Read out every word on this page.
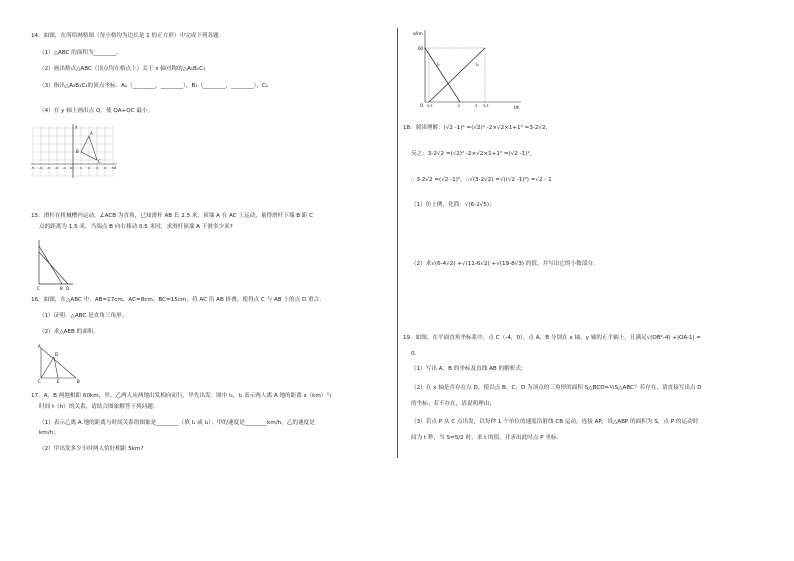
14．如图，在所给网格图（每小格均为边长是 1 的正方形）中完成下列各题：
（1）△ABC 的面积为________。
（2）画出格点△ABC（顶点均在格点上）关于 x 轴对称的△A₁B₁C₁
（3）指出△A₁B₁C₁的顶点坐标．A₁（________，________），B₁（________，________），C₁
（4）在 y 轴上画出点 Q，使 QA+QC 最小。
y
x
A
B
C
-5 -4 -3 -2 -1 O	1 2 3 4 5
15．滑杆在机械槽内运动，∠ACB 为直角，已知滑杆 AB 长 2.5 米，顶端 A 在 AC 上运动，量得滑杆下端 B 距 C
点的距离为 1.5 米，当端点 B 向右移动 0.5 米时，求滑杆顶端 A 下滑多少米?
C	B D
16．如图，在△ABC 中，AB=17cm，AC=8cm，BC=15cm，将 AC 沿 AB 折叠，使得点 C 与 AB 上的点 D 重合．
（1）证明：△ABC 是直角三角形；
（2）求△AEB 的面积．
A
B
C
D
E
17．A，B 两地相距 60km，甲、乙两人从两地出发相向而行，甲先出发．图中 l₁，l₂ 表示两人离 A 地的距离 s（km）与
时间 t（h）的关系，请结合图象解答下列问题：
（1）表示乙离 A 地的距离与时间关系的图象是________（填 l₁ 或 l₂）；甲的速度是________km/h，乙的速度是
km/h；
（2）甲出发多少小时两人恰好相距 5km?
s/km
t/h
60
l₁	l₂
O 0.5	2	3 3.5
18．阅读理解：(√2 -1)² =(√2)² -2×√2×1+1² =3-2√2，
反之：3-2√2 =(√2)² -2×√2×1+1² =(√2 -1)²，
∴ 3-2√2 =(√2 -1)²，∴√(3-2√2) =√((√2 -1)²) =√2 - 1
（1）仿上例，化简：√(6-2√5)；
（2）求√(6-4√2) +√(11-6√2) +√(19-8√3) 的值，并写出它的小数部分．
19．如图，在平面直角坐标系中，点 C（-4，0），点 A，B 分别在 x 轴，y 轴的正半轴上，且满足√(OB²-4) +|OA-1| =
0．
（1）写出 A、B 的坐标及直线 AB 的解析式;
（2）在 x 轴是否存在点 D，使以点 B、C、D 为顶点的三角形的面积 S△BCD=½S△ABC？若存在，请直接写出点 D
的坐标；若不存在，请说明理由；
（3）若点 P 从 C 点出发，以每秒 1 个单位的速度沿射线 CB 运动，连接 AP，设△ABP 的面积为 S，点 P 的运动时
间为 t 秒，当 S=5/2 时，求 t 的值，并求出此时点 P 坐标．
